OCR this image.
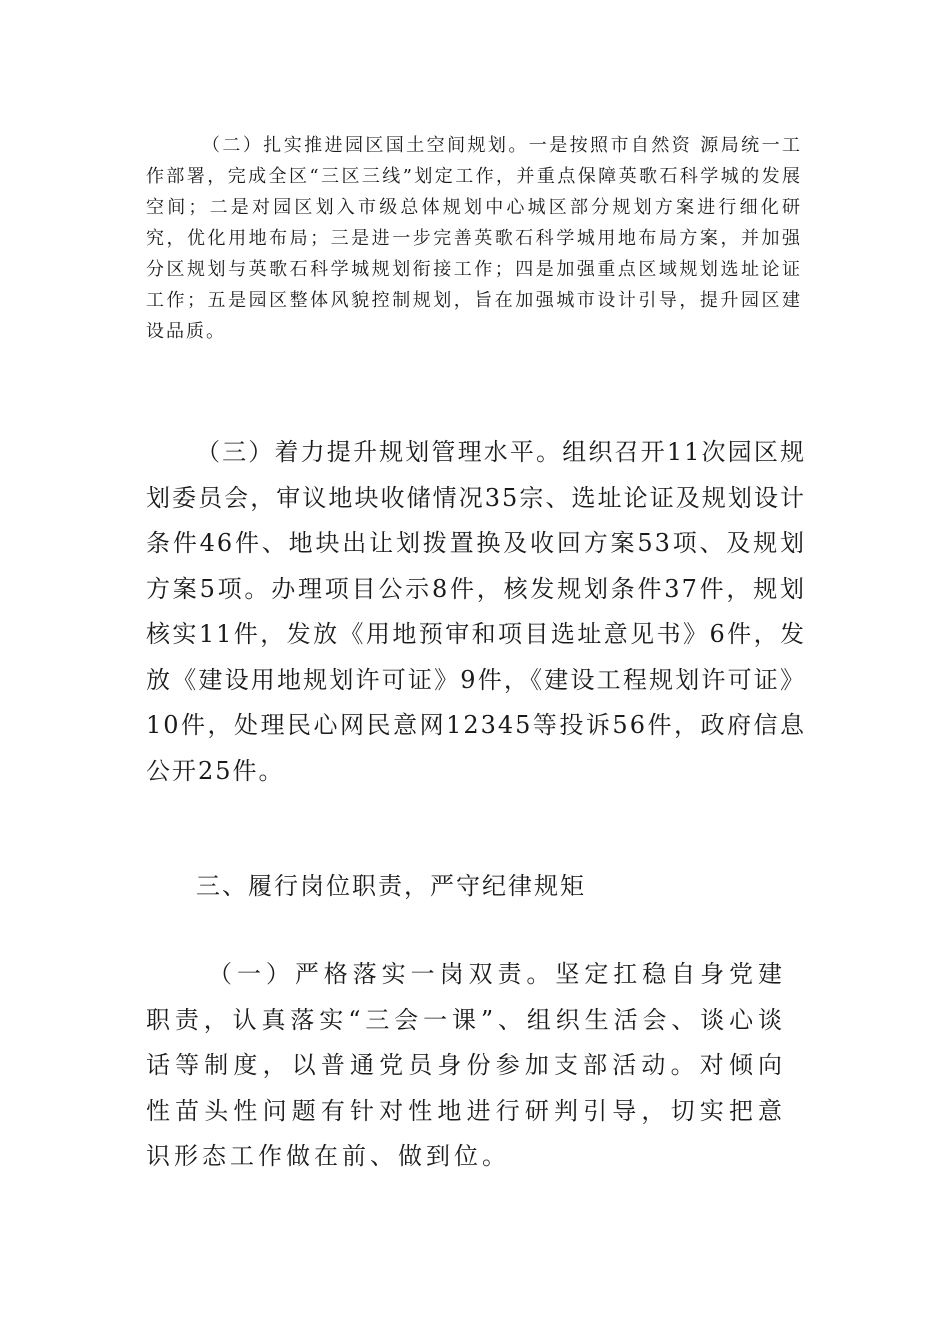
（二）扎实推进园区国土空间规划。一是按照市自然资 源局统一工作部署，完成全区“三区三线”划定工作，并重点保障英歌石科学城的发展空间；二是对园区划入市级总体规划中心城区部分规划方案进行细化研究，优化用地布局；三是进一步完善英歌石科学城用地布局方案，并加强分区规划与英歌石科学城规划衔接工作；四是加强重点区域规划选址论证工作；五是园区整体风貌控制规划，旨在加强城市设计引导，提升园区建设品质。

（三）着力提升规划管理水平。组织召开11次园区规划委员会，审议地块收储情况35宗、选址论证及规划设计条件46件、地块出让划拨置换及收回方案53项、及规划方案5项。办理项目公示8件，核发规划条件37件，规划核实11件，发放《用地预审和项目选址意见书》6件，发放《建设用地规划许可证》9件，《建设工程规划许可证》10件，处理民心网民意网12345等投诉56件，政府信息公开25件。

三、履行岗位职责，严守纪律规矩

（一）严格落实一岗双责。坚定扛稳自身党建职责，认真落实“三会一课”、组织生活会、谈心谈话等制度，以普通党员身份参加支部活动。对倾向性苗头性问题有针对性地进行研判引导，切实把意识形态工作做在前、做到位。
